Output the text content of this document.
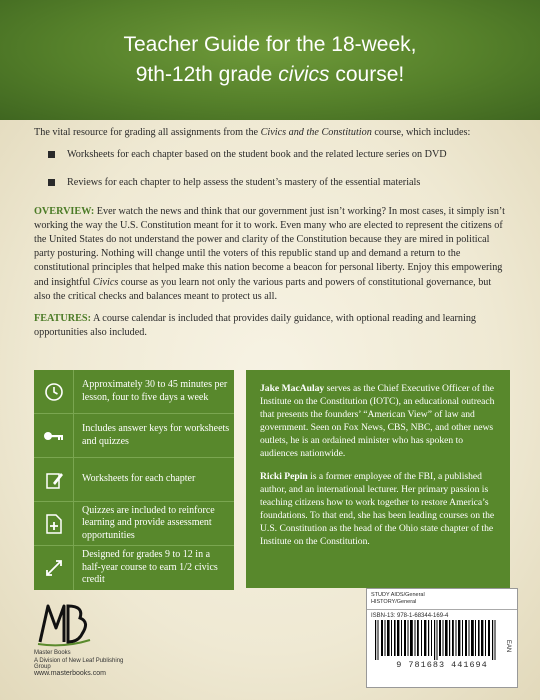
Teacher Guide for the 18-week,
9th-12th grade civics course!

The vital resource for grading all assignments from the Civics and the Constitution course, which includes:

Worksheets for each chapter based on the student book and the related lecture series on DVD
Reviews for each chapter to help assess the student’s mastery of the essential materials

OVERVIEW: Ever watch the news and think that our government just isn’t working? In most cases, it simply isn’t working the way the U.S. Constitution meant for it to work. Even many who are elected to represent the citizens of the United States do not understand the power and clarity of the Constitution because they are mired in political party posturing. Nothing will change until the voters of this republic stand up and demand a return to the constitutional principles that helped make this nation become a beacon for personal liberty. Enjoy this empowering and insightful Civics course as you learn not only the various parts and powers of constitutional governance, but also the critical checks and balances meant to protect us all.

FEATURES: A course calendar is included that provides daily guidance, with optional reading and learning opportunities also included.

Approximately 30 to 45 minutes per lesson, four to five days a week
Includes answer keys for worksheets and quizzes
Worksheets for each chapter
Quizzes are included to reinforce learning and provide assessment opportunities
Designed for grades 9 to 12 in a half-year course to earn 1/2 civics credit

Jake MacAulay serves as the Chief Executive Officer of the Institute on the Constitution (IOTC), an educational outreach that presents the founders’ “American View” of law and government. Seen on Fox News, CBS, NBC, and other news outlets, he is an ordained minister who has spoken to audiences nationwide.

Ricki Pepin is a former employee of the FBI, a published author, and an international lecturer. Her primary passion is teaching citizens how to work together to restore America’s foundations. To that end, she has been leading courses on the U.S. Constitution as the head of the Ohio state chapter of the Institute on the Constitution.

Master Books
A Division of New Leaf Publishing Group
www.masterbooks.com
STUDY AIDS/General
HISTORY/General
ISBN-13: 978-1-68344-169-4
9 781683 441694
EAN
